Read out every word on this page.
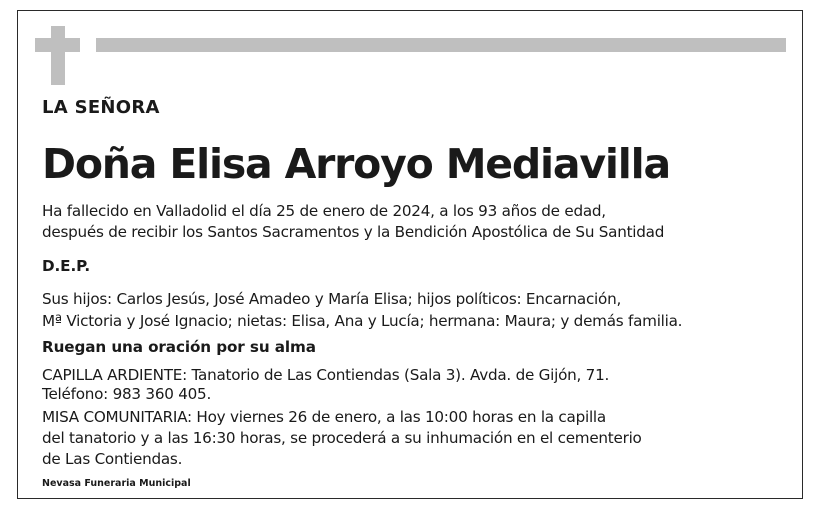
LA SEÑORA
Doña Elisa Arroyo Mediavilla
Ha fallecido en Valladolid el día 25 de enero de 2024, a los 93 años de edad,
después de recibir los Santos Sacramentos y la Bendición Apostólica de Su Santidad
D.E.P.
Sus hijos: Carlos Jesús, José Amadeo y María Elisa; hijos políticos: Encarnación,
Mª Victoria y José Ignacio; nietas: Elisa, Ana y Lucía; hermana: Maura; y demás familia.
Ruegan una oración por su alma
CAPILLA ARDIENTE: Tanatorio de Las Contiendas (Sala 3). Avda. de Gijón, 71.
Teléfono: 983 360 405.
MISA COMUNITARIA: Hoy viernes 26 de enero, a las 10:00 horas en la capilla
del tanatorio y a las 16:30 horas, se procederá a su inhumación en el cementerio
de Las Contiendas.
Nevasa Funeraria Municipal
